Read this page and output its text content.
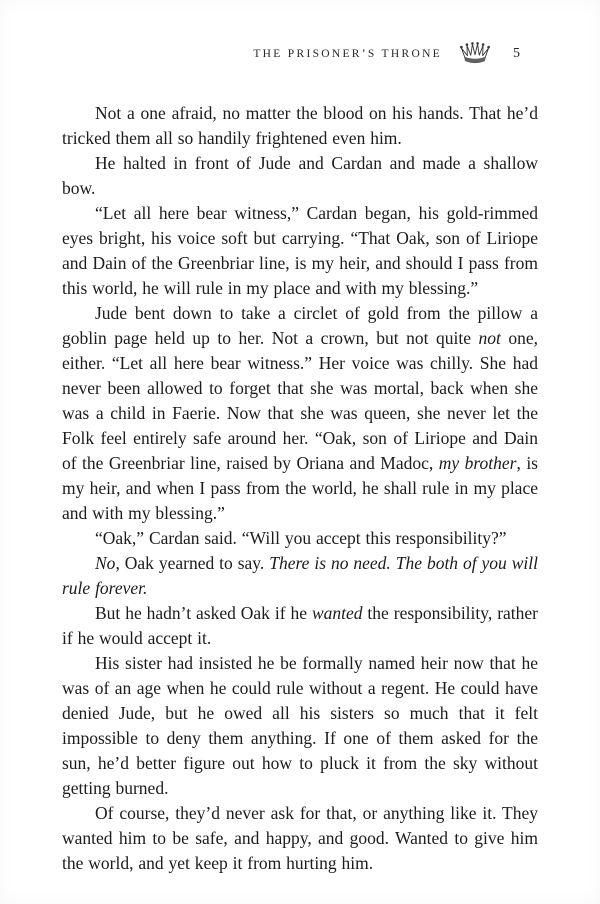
THE PRISONER’S THRONE	5

Not a one afraid, no matter the blood on his hands. That he’d tricked them all so handily frightened even him.

He halted in front of Jude and Cardan and made a shallow bow.

“Let all here bear witness,” Cardan began, his gold-rimmed eyes bright, his voice soft but carrying. “That Oak, son of Liriope and Dain of the Greenbriar line, is my heir, and should I pass from this world, he will rule in my place and with my blessing.”

Jude bent down to take a circlet of gold from the pillow a goblin page held up to her. Not a crown, but not quite not one, either. “Let all here bear witness.” Her voice was chilly. She had never been allowed to forget that she was mortal, back when she was a child in Faerie. Now that she was queen, she never let the Folk feel entirely safe around her. “Oak, son of Liriope and Dain of the Greenbriar line, raised by Oriana and Madoc, my brother, is my heir, and when I pass from the world, he shall rule in my place and with my blessing.”

“Oak,” Cardan said. “Will you accept this responsibility?”

No, Oak yearned to say. There is no need. The both of you will rule forever.

But he hadn’t asked Oak if he wanted the responsibility, rather if he would accept it.

His sister had insisted he be formally named heir now that he was of an age when he could rule without a regent. He could have denied Jude, but he owed all his sisters so much that it felt impossible to deny them anything. If one of them asked for the sun, he’d better figure out how to pluck it from the sky without getting burned.

Of course, they’d never ask for that, or anything like it. They wanted him to be safe, and happy, and good. Wanted to give him the world, and yet keep it from hurting him.
